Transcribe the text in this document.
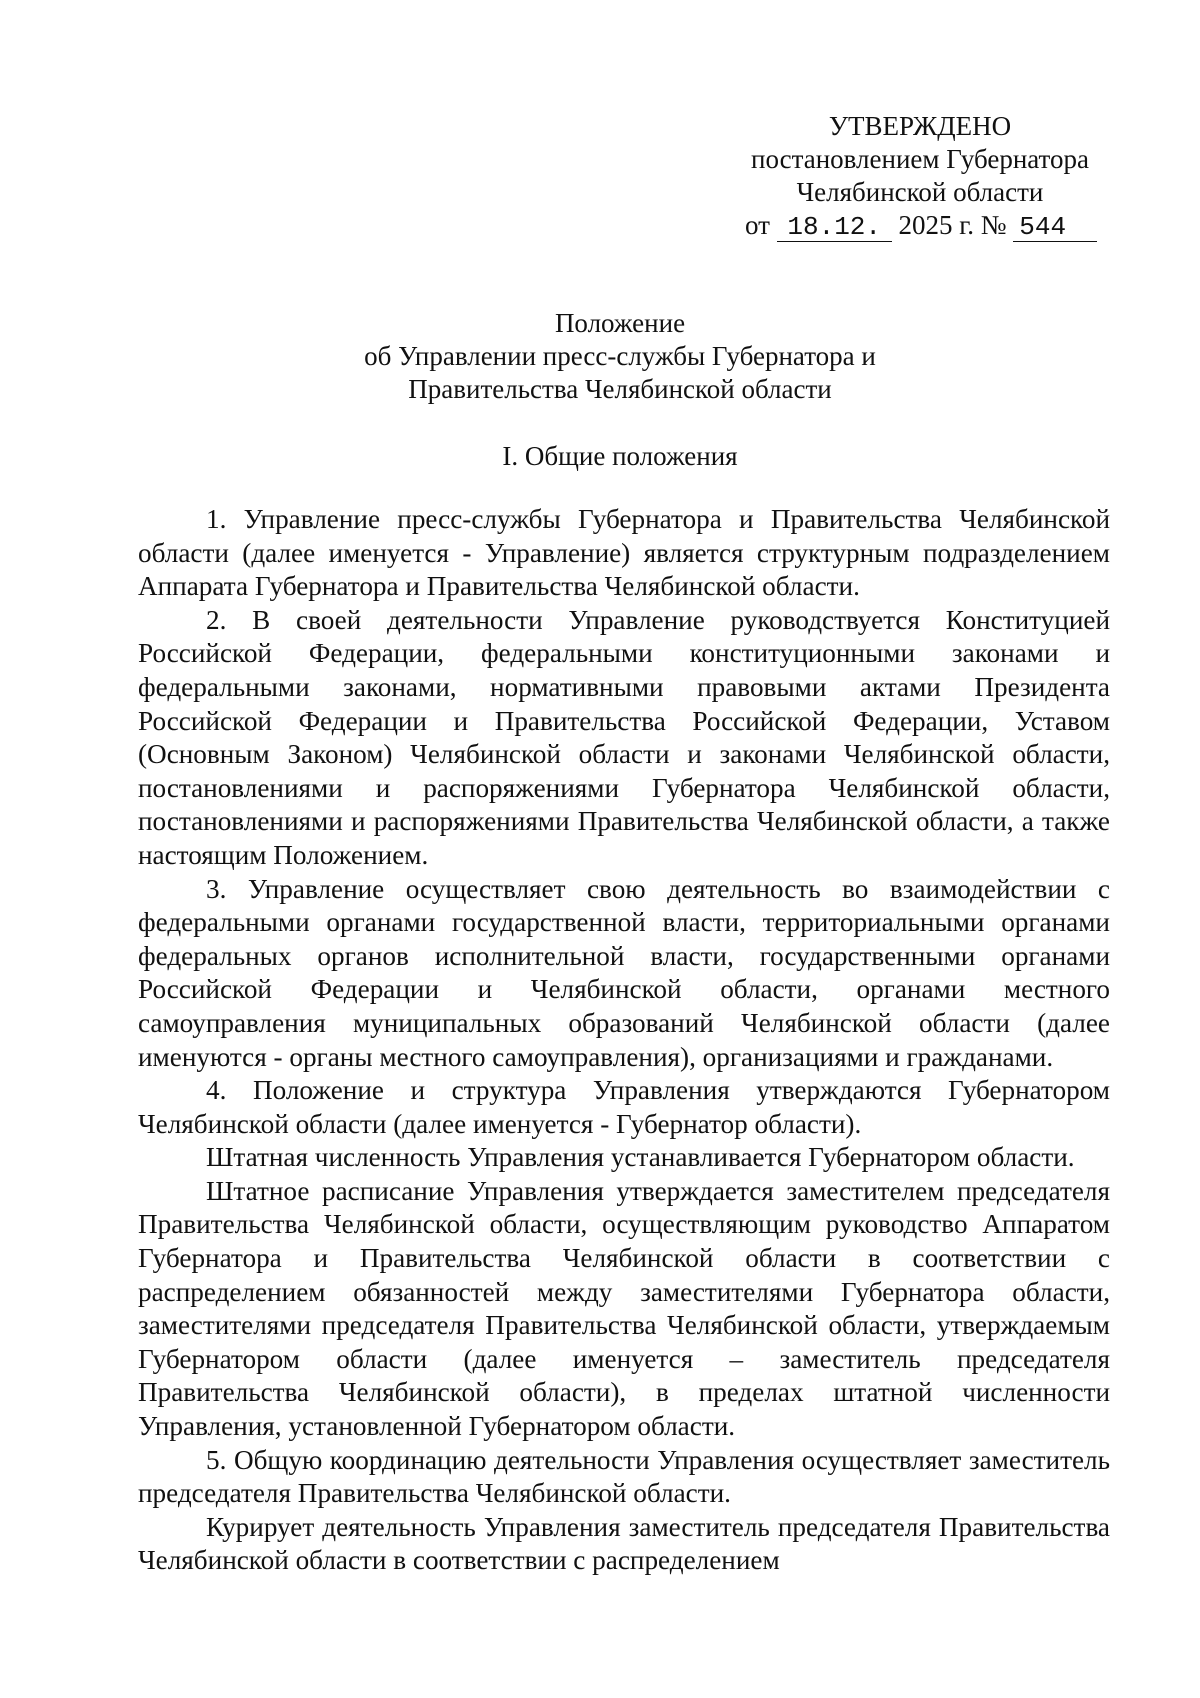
УТВЕРЖДЕНО
постановлением Губернатора
Челябинской области
от 18.12. 2025 г. № 544
Положение
об Управлении пресс-службы Губернатора и
Правительства Челябинской области
I. Общие положения

1. Управление пресс-службы Губернатора и Правительства Челябинской области (далее именуется - Управление) является структурным подразделением Аппарата Губернатора и Правительства Челябинской области.

2. В своей деятельности Управление руководствуется Конституцией Российской Федерации, федеральными конституционными законами и федеральными законами, нормативными правовыми актами Президента Российской Федерации и Правительства Российской Федерации, Уставом (Основным Законом) Челябинской области и законами Челябинской области, постановлениями и распоряжениями Губернатора Челябинской области, постановлениями и распоряжениями Правительства Челябинской области, а также настоящим Положением.

3. Управление осуществляет свою деятельность во взаимодействии с федеральными органами государственной власти, территориальными органами федеральных органов исполнительной власти, государственными органами Российской Федерации и Челябинской области, органами местного самоуправления муниципальных образований Челябинской области (далее именуются - органы местного самоуправления), организациями и гражданами.

4. Положение и структура Управления утверждаются Губернатором Челябинской области (далее именуется - Губернатор области).

Штатная численность Управления устанавливается Губернатором области.

Штатное расписание Управления утверждается заместителем председателя Правительства Челябинской области, осуществляющим руководство Аппаратом Губернатора и Правительства Челябинской области в соответствии с распределением обязанностей между заместителями Губернатора области, заместителями председателя Правительства Челябинской области, утверждаемым Губернатором области (далее именуется – заместитель председателя Правительства Челябинской области), в пределах штатной численности Управления, установленной Губернатором области.

5. Общую координацию деятельности Управления осуществляет заместитель председателя Правительства Челябинской области.

Курирует деятельность Управления заместитель председателя Правительства Челябинской области в соответствии с распределением
